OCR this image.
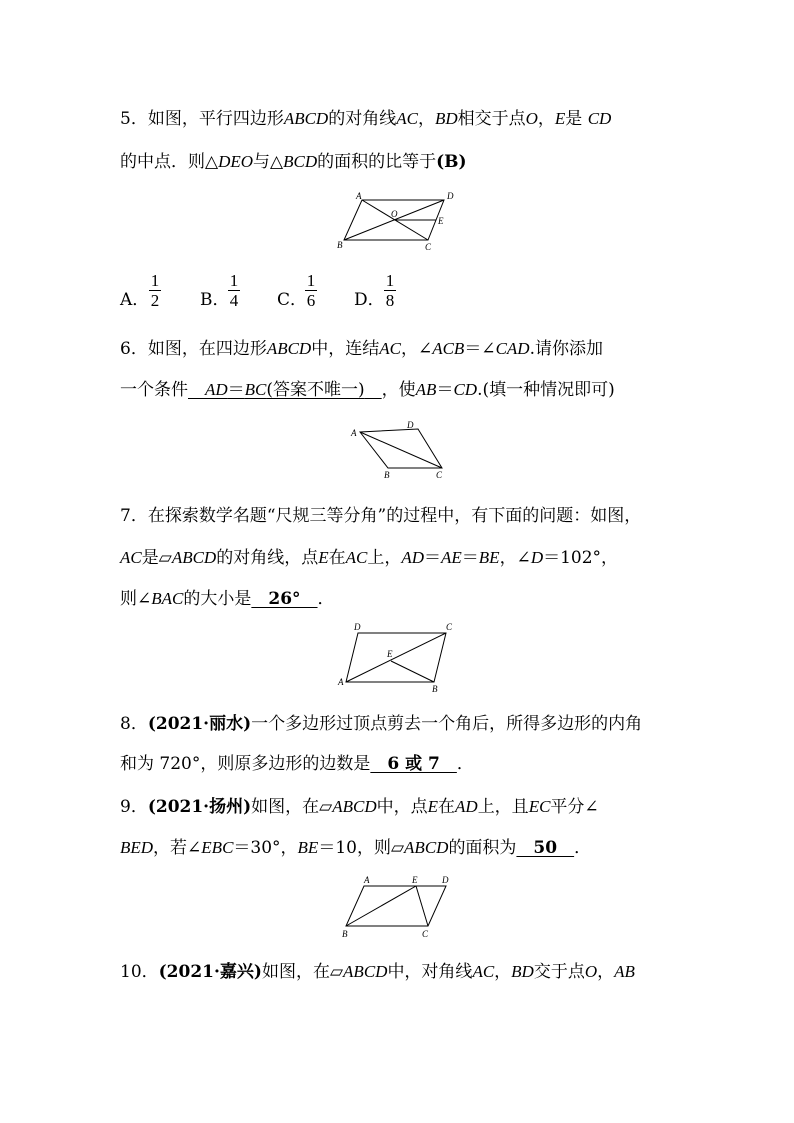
5．如图，平行四边形ABCD的对角线AC，BD相交于点O，E是 CD
的中点．则△DEO与△BCD的面积的比等于(B)
A	D
O
E
B	C
A． $\frac{1}{2}$ B．
$\frac{1}{4}$ C．
$\frac{1}{6}$ D． $\frac{1}{8}$
6．如图，在四边形ABCD中，连结AC，∠ACB＝∠CAD.请你添加
一个条件　 AD＝BC(答案不唯一)　 ，使AB＝CD.(填一种情况即可)
A
D
B	C
7．在探索数学名题“尺规三等分角”的过程中，有下面的问题：如图，
AC是▱ABCD的对角线，点E在AC上，AD＝AE＝BE，∠D＝102°，
则∠BAC的大小是　26°　．
D	C
E
A
B
8．(2021·丽水)一个多边形过顶点剪去一个角后，所得多边形的内角
和为 720°，则原多边形的边数是　6 或 7　．
9．(2021·扬州)如图，在▱ABCD中，点E在AD上，且EC平分∠
BED，若∠EBC＝30°，BE＝10，则▱ABCD的面积为　50　．
A	E	D
B	C
10．(2021·嘉兴)如图，在▱ABCD中，对角线AC，BD交于点O，AB
